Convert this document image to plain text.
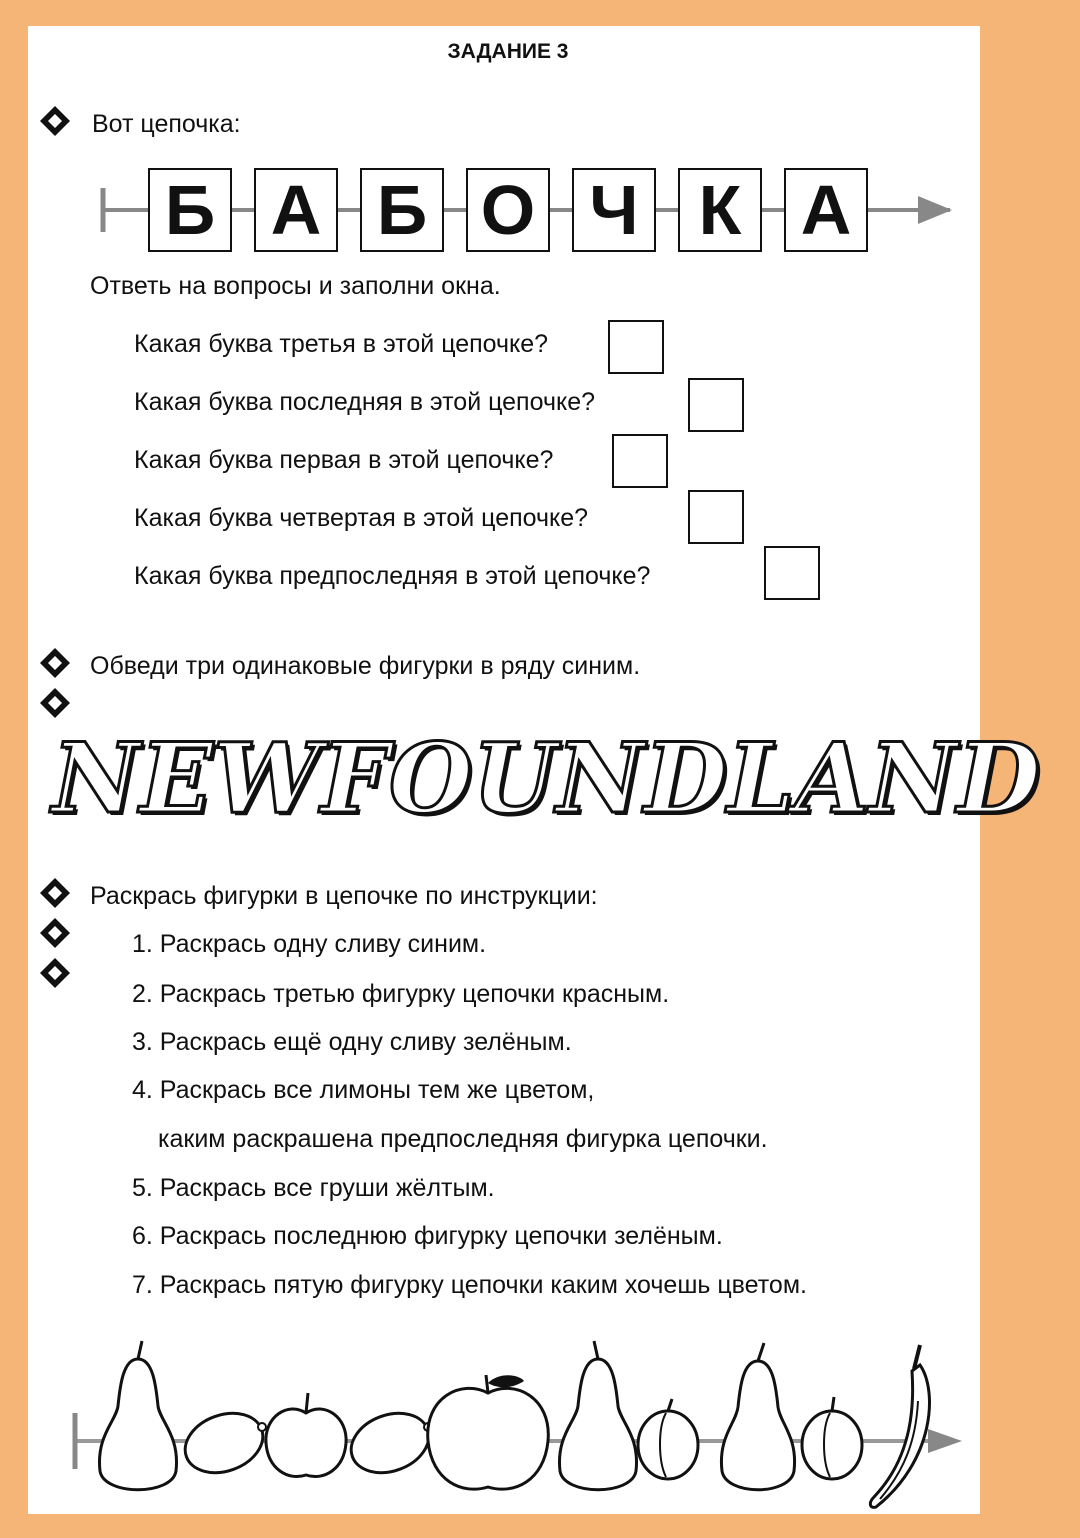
ЗАДАНИЕ 3
Вот цепочка:
Б А Б О Ч К А
Ответь на вопросы и заполни окна.
Какая буква третья в этой цепочке?
Какая буква последняя в этой цепочке?
Какая буква первая в этой цепочке?
Какая буква четвертая в этой цепочке?
Какая буква предпоследняя в этой цепочке?
Обведи три одинаковые фигурки в ряду синим.
N E W F O U N D L A N D
Раскрась фигурки в цепочке по инструкции:
1. Раскрась одну сливу синим.
2. Раскрась третью фигурку цепочки красным.
3. Раскрась ещё одну сливу зелёным.
4. Раскрась все лимоны тем же цветом,
каким раскрашена предпоследняя фигурка цепочки.
5. Раскрась все груши жёлтым.
6. Раскрась последнюю фигурку цепочки зелёным.
7. Раскрась пятую фигурку цепочки каким хочешь цветом.
